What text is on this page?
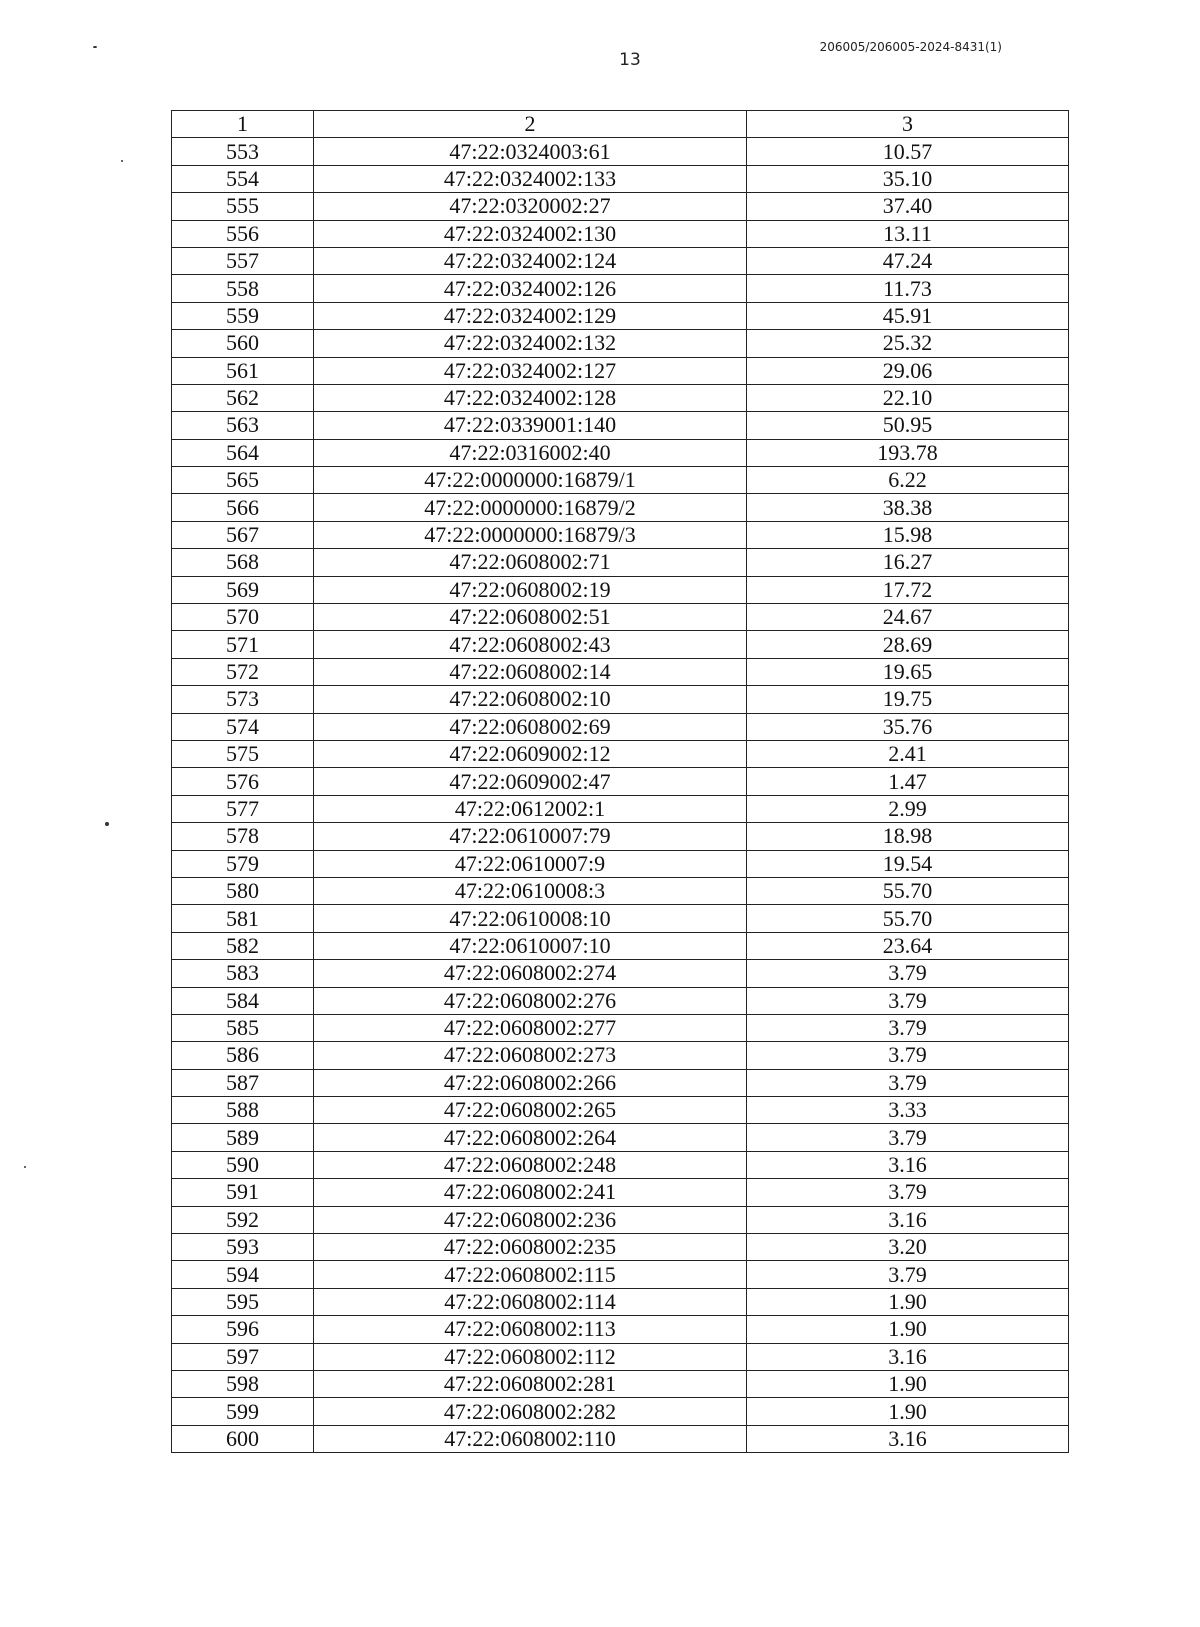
13
206005/206005-2024-8431(1)
1	2	3
553	47:22:0324003:61	10.57
554	47:22:0324002:133	35.10
555	47:22:0320002:27	37.40
556	47:22:0324002:130	13.11
557	47:22:0324002:124	47.24
558	47:22:0324002:126	11.73
559	47:22:0324002:129	45.91
560	47:22:0324002:132	25.32
561	47:22:0324002:127	29.06
562	47:22:0324002:128	22.10
563	47:22:0339001:140	50.95
564	47:22:0316002:40	193.78
565	47:22:0000000:16879/1	6.22
566	47:22:0000000:16879/2	38.38
567	47:22:0000000:16879/3	15.98
568	47:22:0608002:71	16.27
569	47:22:0608002:19	17.72
570	47:22:0608002:51	24.67
571	47:22:0608002:43	28.69
572	47:22:0608002:14	19.65
573	47:22:0608002:10	19.75
574	47:22:0608002:69	35.76
575	47:22:0609002:12	2.41
576	47:22:0609002:47	1.47
577	47:22:0612002:1	2.99
578	47:22:0610007:79	18.98
579	47:22:0610007:9	19.54
580	47:22:0610008:3	55.70
581	47:22:0610008:10	55.70
582	47:22:0610007:10	23.64
583	47:22:0608002:274	3.79
584	47:22:0608002:276	3.79
585	47:22:0608002:277	3.79
586	47:22:0608002:273	3.79
587	47:22:0608002:266	3.79
588	47:22:0608002:265	3.33
589	47:22:0608002:264	3.79
590	47:22:0608002:248	3.16
591	47:22:0608002:241	3.79
592	47:22:0608002:236	3.16
593	47:22:0608002:235	3.20
594	47:22:0608002:115	3.79
595	47:22:0608002:114	1.90
596	47:22:0608002:113	1.90
597	47:22:0608002:112	3.16
598	47:22:0608002:281	1.90
599	47:22:0608002:282	1.90
600	47:22:0608002:110	3.16
